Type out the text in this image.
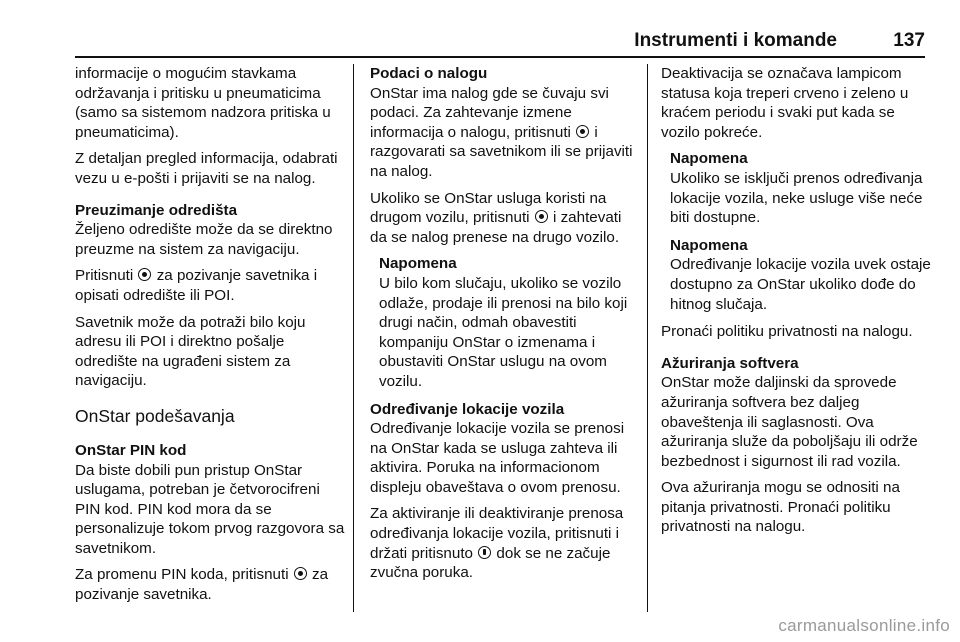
Instrumenti i komande	137

informacije o mogućim stavkama održavanja i pritisku u pneumaticima (samo sa sistemom nadzora pritiska u pneumaticima).

Z detaljan pregled informacija, odabrati vezu u e-pošti i prijaviti se na nalog.

Preuzimanje odredišta

Željeno odredište može da se direktno preuzme na sistem za navigaciju.

Pritisnuti  za pozivanje savetnika i opisati odredište ili POI.

Savetnik može da potraži bilo koju adresu ili POI i direktno pošalje odredište na ugrađeni sistem za navigaciju.

OnStar podešavanja
OnStar PIN kod

Da biste dobili pun pristup OnStar uslugama, potreban je četvorocifreni PIN kod. PIN kod mora da se personalizuje tokom prvog razgovora sa savetnikom.

Za promenu PIN koda, pritisnuti  za pozivanje savetnika.

Podaci o nalogu

OnStar ima nalog gde se čuvaju svi podaci. Za zahtevanje izmene informacija o nalogu, pritisnuti  i razgovarati sa savetnikom ili se prijaviti na nalog.

Ukoliko se OnStar usluga koristi na drugom vozilu, pritisnuti  i zahtevati da se nalog prenese na drugo vozilo.

Napomena

U bilo kom slučaju, ukoliko se vozilo odlaže, prodaje ili prenosi na bilo koji drugi način, odmah obavestiti kompaniju OnStar o izmenama i obustaviti OnStar uslugu na ovom vozilu.

Određivanje lokacije vozila

Određivanje lokacije vozila se prenosi na OnStar kada se usluga zahteva ili aktivira. Poruka na informacionom displeju obaveštava o ovom prenosu.

Za aktiviranje ili deaktiviranje prenosa određivanja lokacije vozila, pritisnuti i držati pritisnuto  dok se ne začuje zvučna poruka.

Deaktivacija se označava lampicom statusa koja treperi crveno i zeleno u kraćem periodu i svaki put kada se vozilo pokreće.

Napomena

Ukoliko se isključi prenos određivanja lokacije vozila, neke usluge više neće biti dostupne.

Napomena

Određivanje lokacije vozila uvek ostaje dostupno za OnStar ukoliko dođe do hitnog slučaja.

Pronaći politiku privatnosti na nalogu.

Ažuriranja softvera

OnStar može daljinski da sprovede ažuriranja softvera bez daljeg obaveštenja ili saglasnosti. Ova ažuriranja služe da poboljšaju ili održe bezbednost i sigurnost ili rad vozila.

Ova ažuriranja mogu se odnositi na pitanja privatnosti. Pronaći politiku privatnosti na nalogu.

carmanualsonline.info
